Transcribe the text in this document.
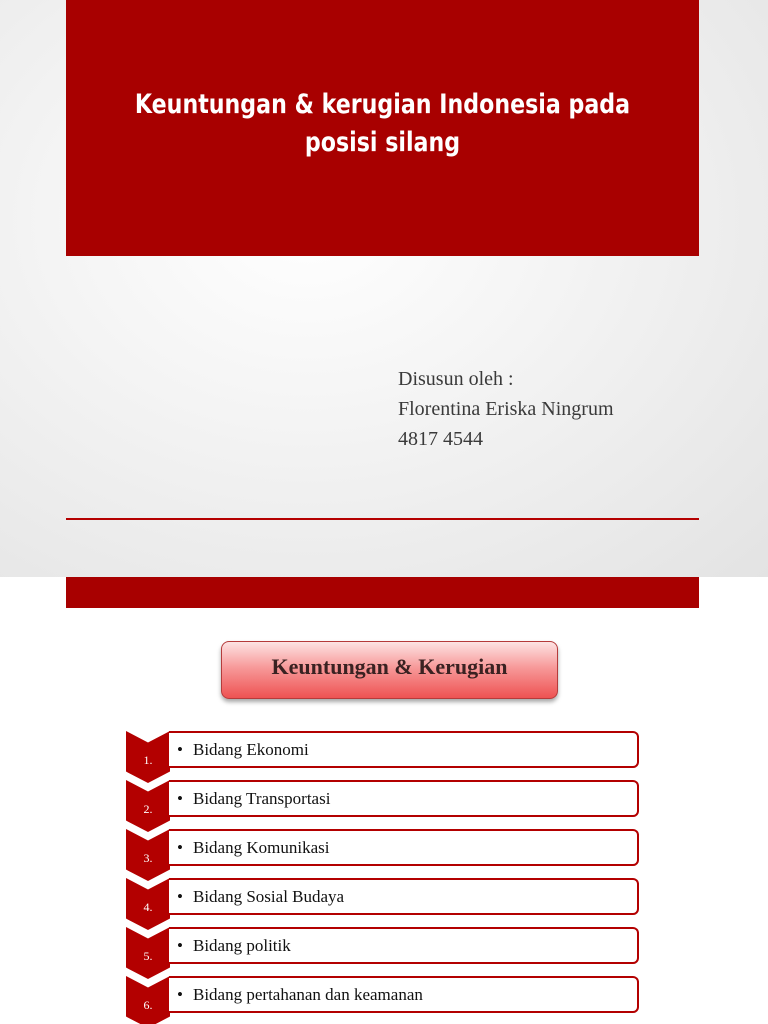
Keuntungan & kerugian Indonesia pada
posisi silang
Disusun oleh :
Florentina Eriska Ningrum
4817 4544
Keuntungan & Kerugian
1.
• Bidang Ekonomi
2.
• Bidang Transportasi
3.
• Bidang Komunikasi
4.
• Bidang Sosial Budaya
5.
• Bidang politik
6.
• Bidang pertahanan dan keamanan
